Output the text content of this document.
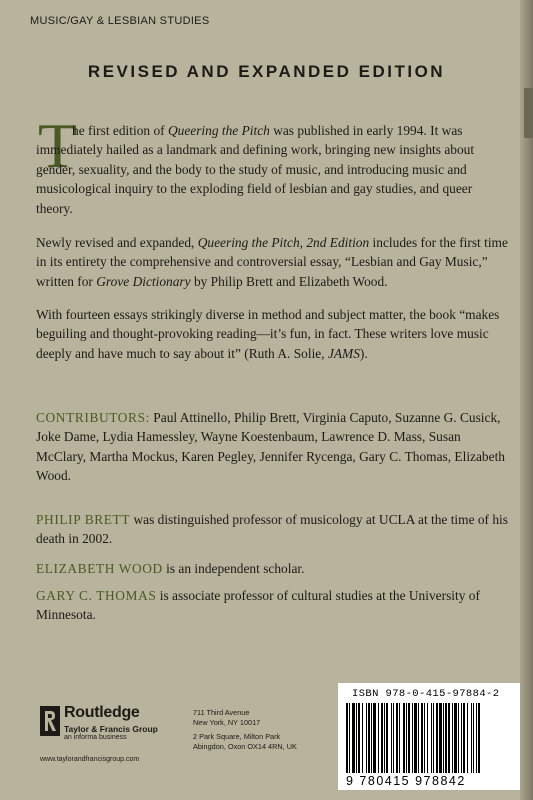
MUSIC/GAY & LESBIAN STUDIES
REVISED AND EXPANDED EDITION
T

he first edition of Queering the Pitch was published in early 1994. It was immediately hailed as a landmark and defining work, bringing new insights about gender, sexuality, and the body to the study of music, and introducing music and musicological inquiry to the exploding field of lesbian and gay studies, and queer theory.

Newly revised and expanded, Queering the Pitch, 2nd Edition includes for the first time in its entirety the comprehensive and controversial essay, “Lesbian and Gay Music,” written for Grove Dictionary by Philip Brett and Elizabeth Wood.

With fourteen essays strikingly diverse in method and subject matter, the book “makes beguiling and thought-provoking reading—it’s fun, in fact. These writers love music deeply and have much to say about it” (Ruth A. Solie, JAMS).

CONTRIBUTORS: Paul Attinello, Philip Brett, Virginia Caputo, Suzanne G. Cusick, Joke Dame, Lydia Hamessley, Wayne Koestenbaum, Lawrence D. Mass, Susan McClary, Martha Mockus, Karen Pegley, Jennifer Rycenga, Gary C. Thomas, Elizabeth Wood.

PHILIP BRETT was distinguished professor of musicology at UCLA at the time of his death in 2002.

ELIZABETH WOOD is an independent scholar.

GARY C. THOMAS is associate professor of cultural studies at the University of Minnesota.

Routledge
Taylor & Francis Group
an informa business
www.taylorandfrancisgroup.com
711 Third Avenue
New York, NY 10017
2 Park Square, Milton Park
Abingdon, Oxon OX14 4RN, UK
ISBN 978-0-415-97884-2
9 780415 978842
